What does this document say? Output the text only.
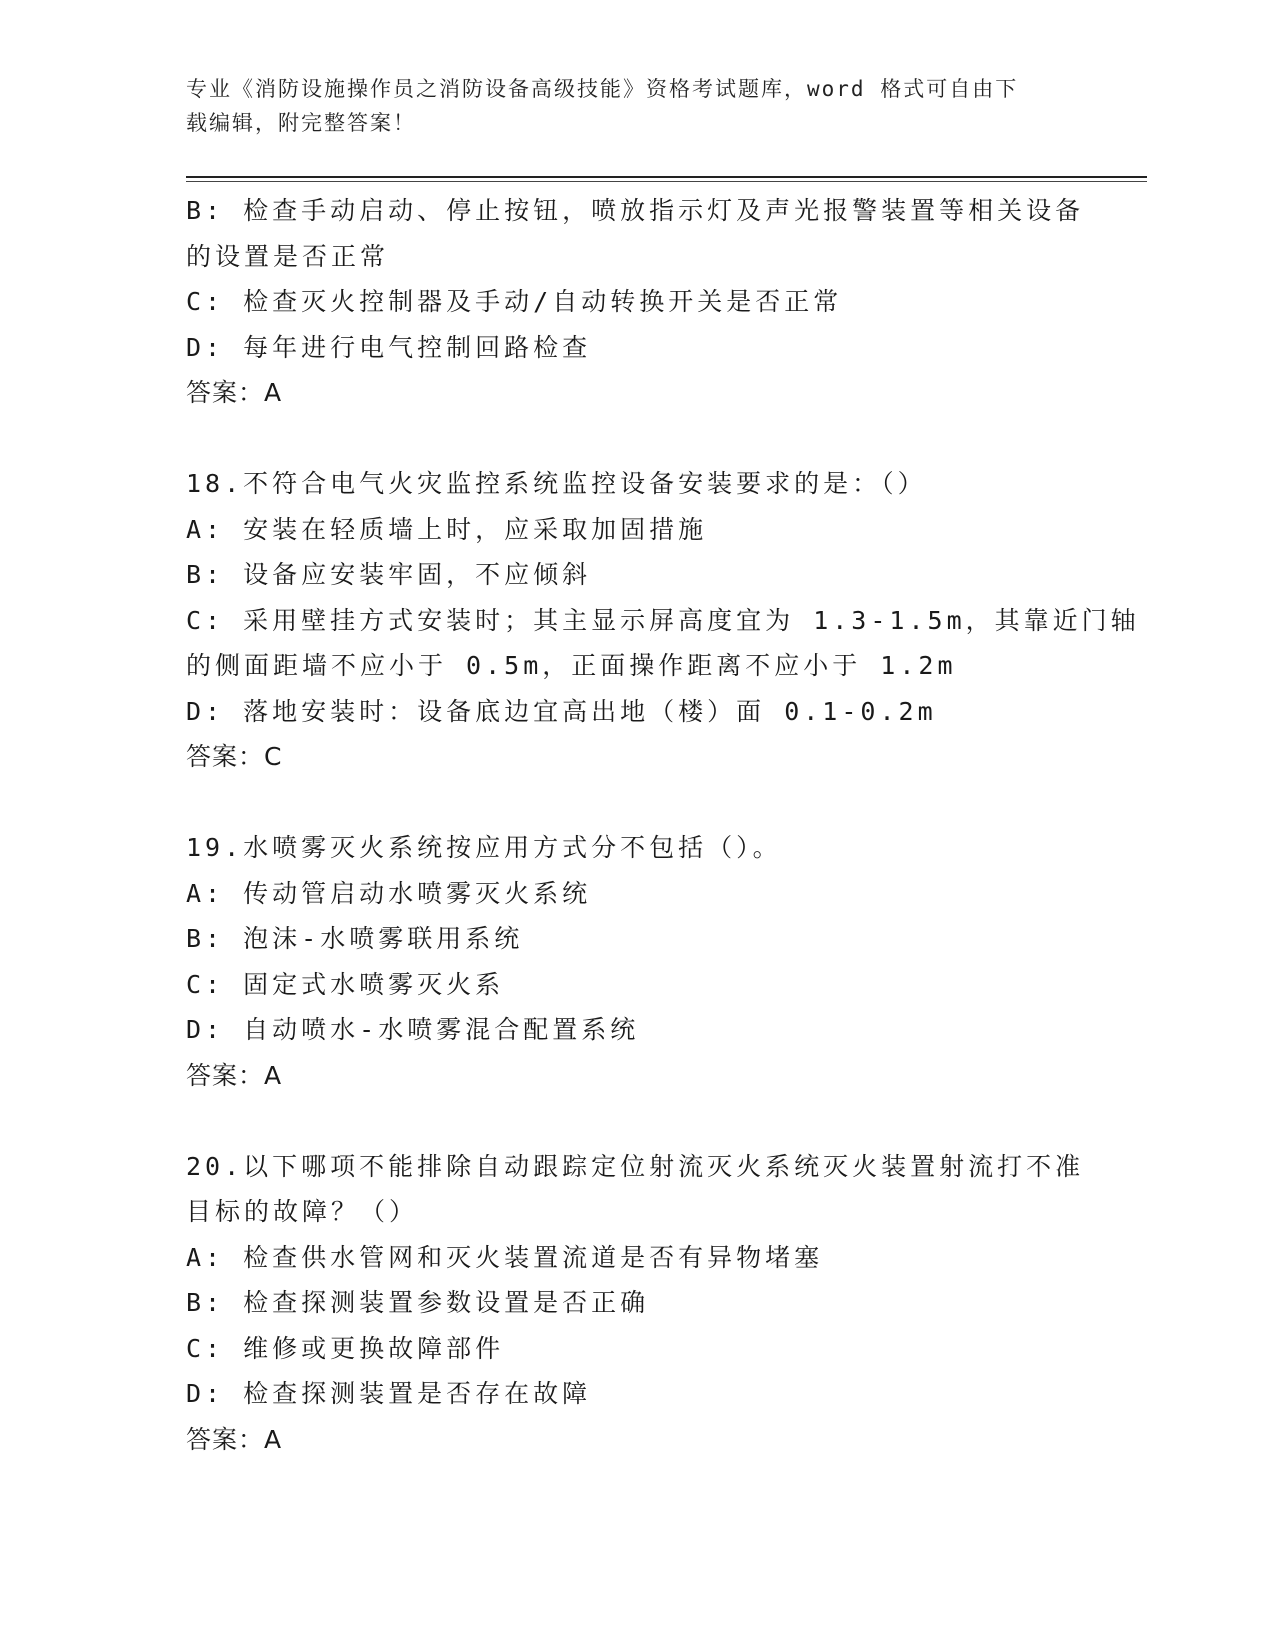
专业《消防设施操作员之消防设备高级技能》资格考试题库，word 格式可自由下
载编辑，附完整答案！
B: 检查手动启动、停止按钮，喷放指示灯及声光报警装置等相关设备
的设置是否正常
C: 检查灭火控制器及手动/自动转换开关是否正常
D: 每年进行电气控制回路检查
答案：A
18.不符合电气火灾监控系统监控设备安装要求的是：（）
A: 安装在轻质墙上时，应采取加固措施
B: 设备应安装牢固，不应倾斜
C: 采用壁挂方式安装时；其主显示屏高度宜为 1.3-1.5m，其靠近门轴
的侧面距墙不应小于 0.5m，正面操作距离不应小于 1.2m
D: 落地安装时：设备底边宜高出地（楼）面 0.1-0.2m
答案：C
19.水喷雾灭火系统按应用方式分不包括（）。
A: 传动管启动水喷雾灭火系统
B: 泡沫-水喷雾联用系统
C: 固定式水喷雾灭火系
D: 自动喷水-水喷雾混合配置系统
答案：A
20.以下哪项不能排除自动跟踪定位射流灭火系统灭火装置射流打不准
目标的故障？（）
A: 检查供水管网和灭火装置流道是否有异物堵塞
B: 检查探测装置参数设置是否正确
C: 维修或更换故障部件
D: 检查探测装置是否存在故障
答案：A
